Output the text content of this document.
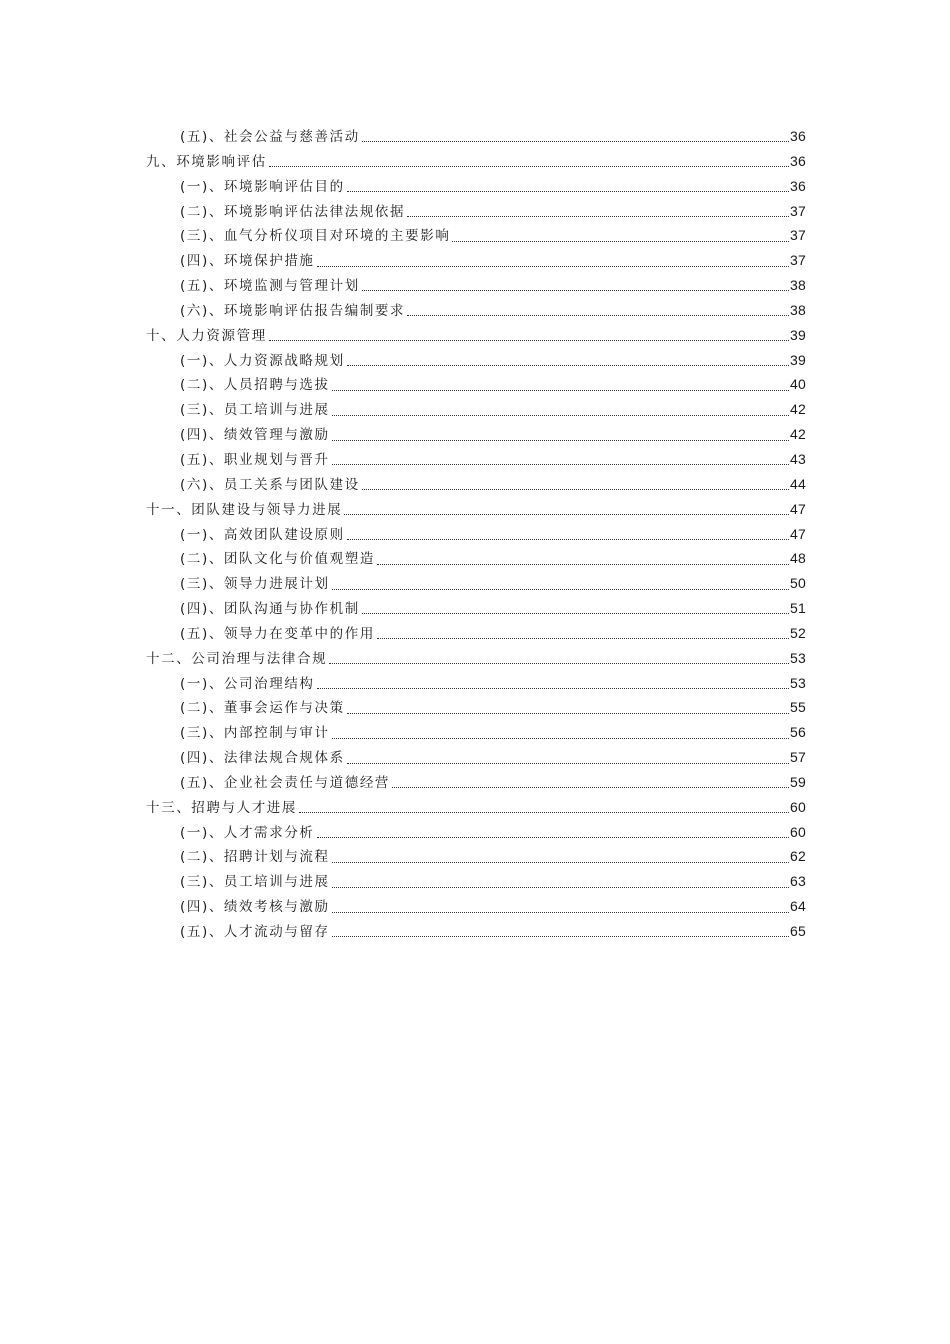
(五)、社会公益与慈善活动	36
九、环境影响评估	36
(一)、环境影响评估目的	36
(二)、环境影响评估法律法规依据	37
(三)、血气分析仪项目对环境的主要影响	37
(四)、环境保护措施	37
(五)、环境监测与管理计划	38
(六)、环境影响评估报告编制要求	38
十、人力资源管理	39
(一)、人力资源战略规划	39
(二)、人员招聘与选拔	40
(三)、员工培训与进展	42
(四)、绩效管理与激励	42
(五)、职业规划与晋升	43
(六)、员工关系与团队建设	44
十一、团队建设与领导力进展	47
(一)、高效团队建设原则	47
(二)、团队文化与价值观塑造	48
(三)、领导力进展计划	50
(四)、团队沟通与协作机制	51
(五)、领导力在变革中的作用	52
十二、公司治理与法律合规	53
(一)、公司治理结构	53
(二)、董事会运作与决策	55
(三)、内部控制与审计	56
(四)、法律法规合规体系	57
(五)、企业社会责任与道德经营	59
十三、招聘与人才进展	60
(一)、人才需求分析	60
(二)、招聘计划与流程	62
(三)、员工培训与进展	63
(四)、绩效考核与激励	64
(五)、人才流动与留存	65
